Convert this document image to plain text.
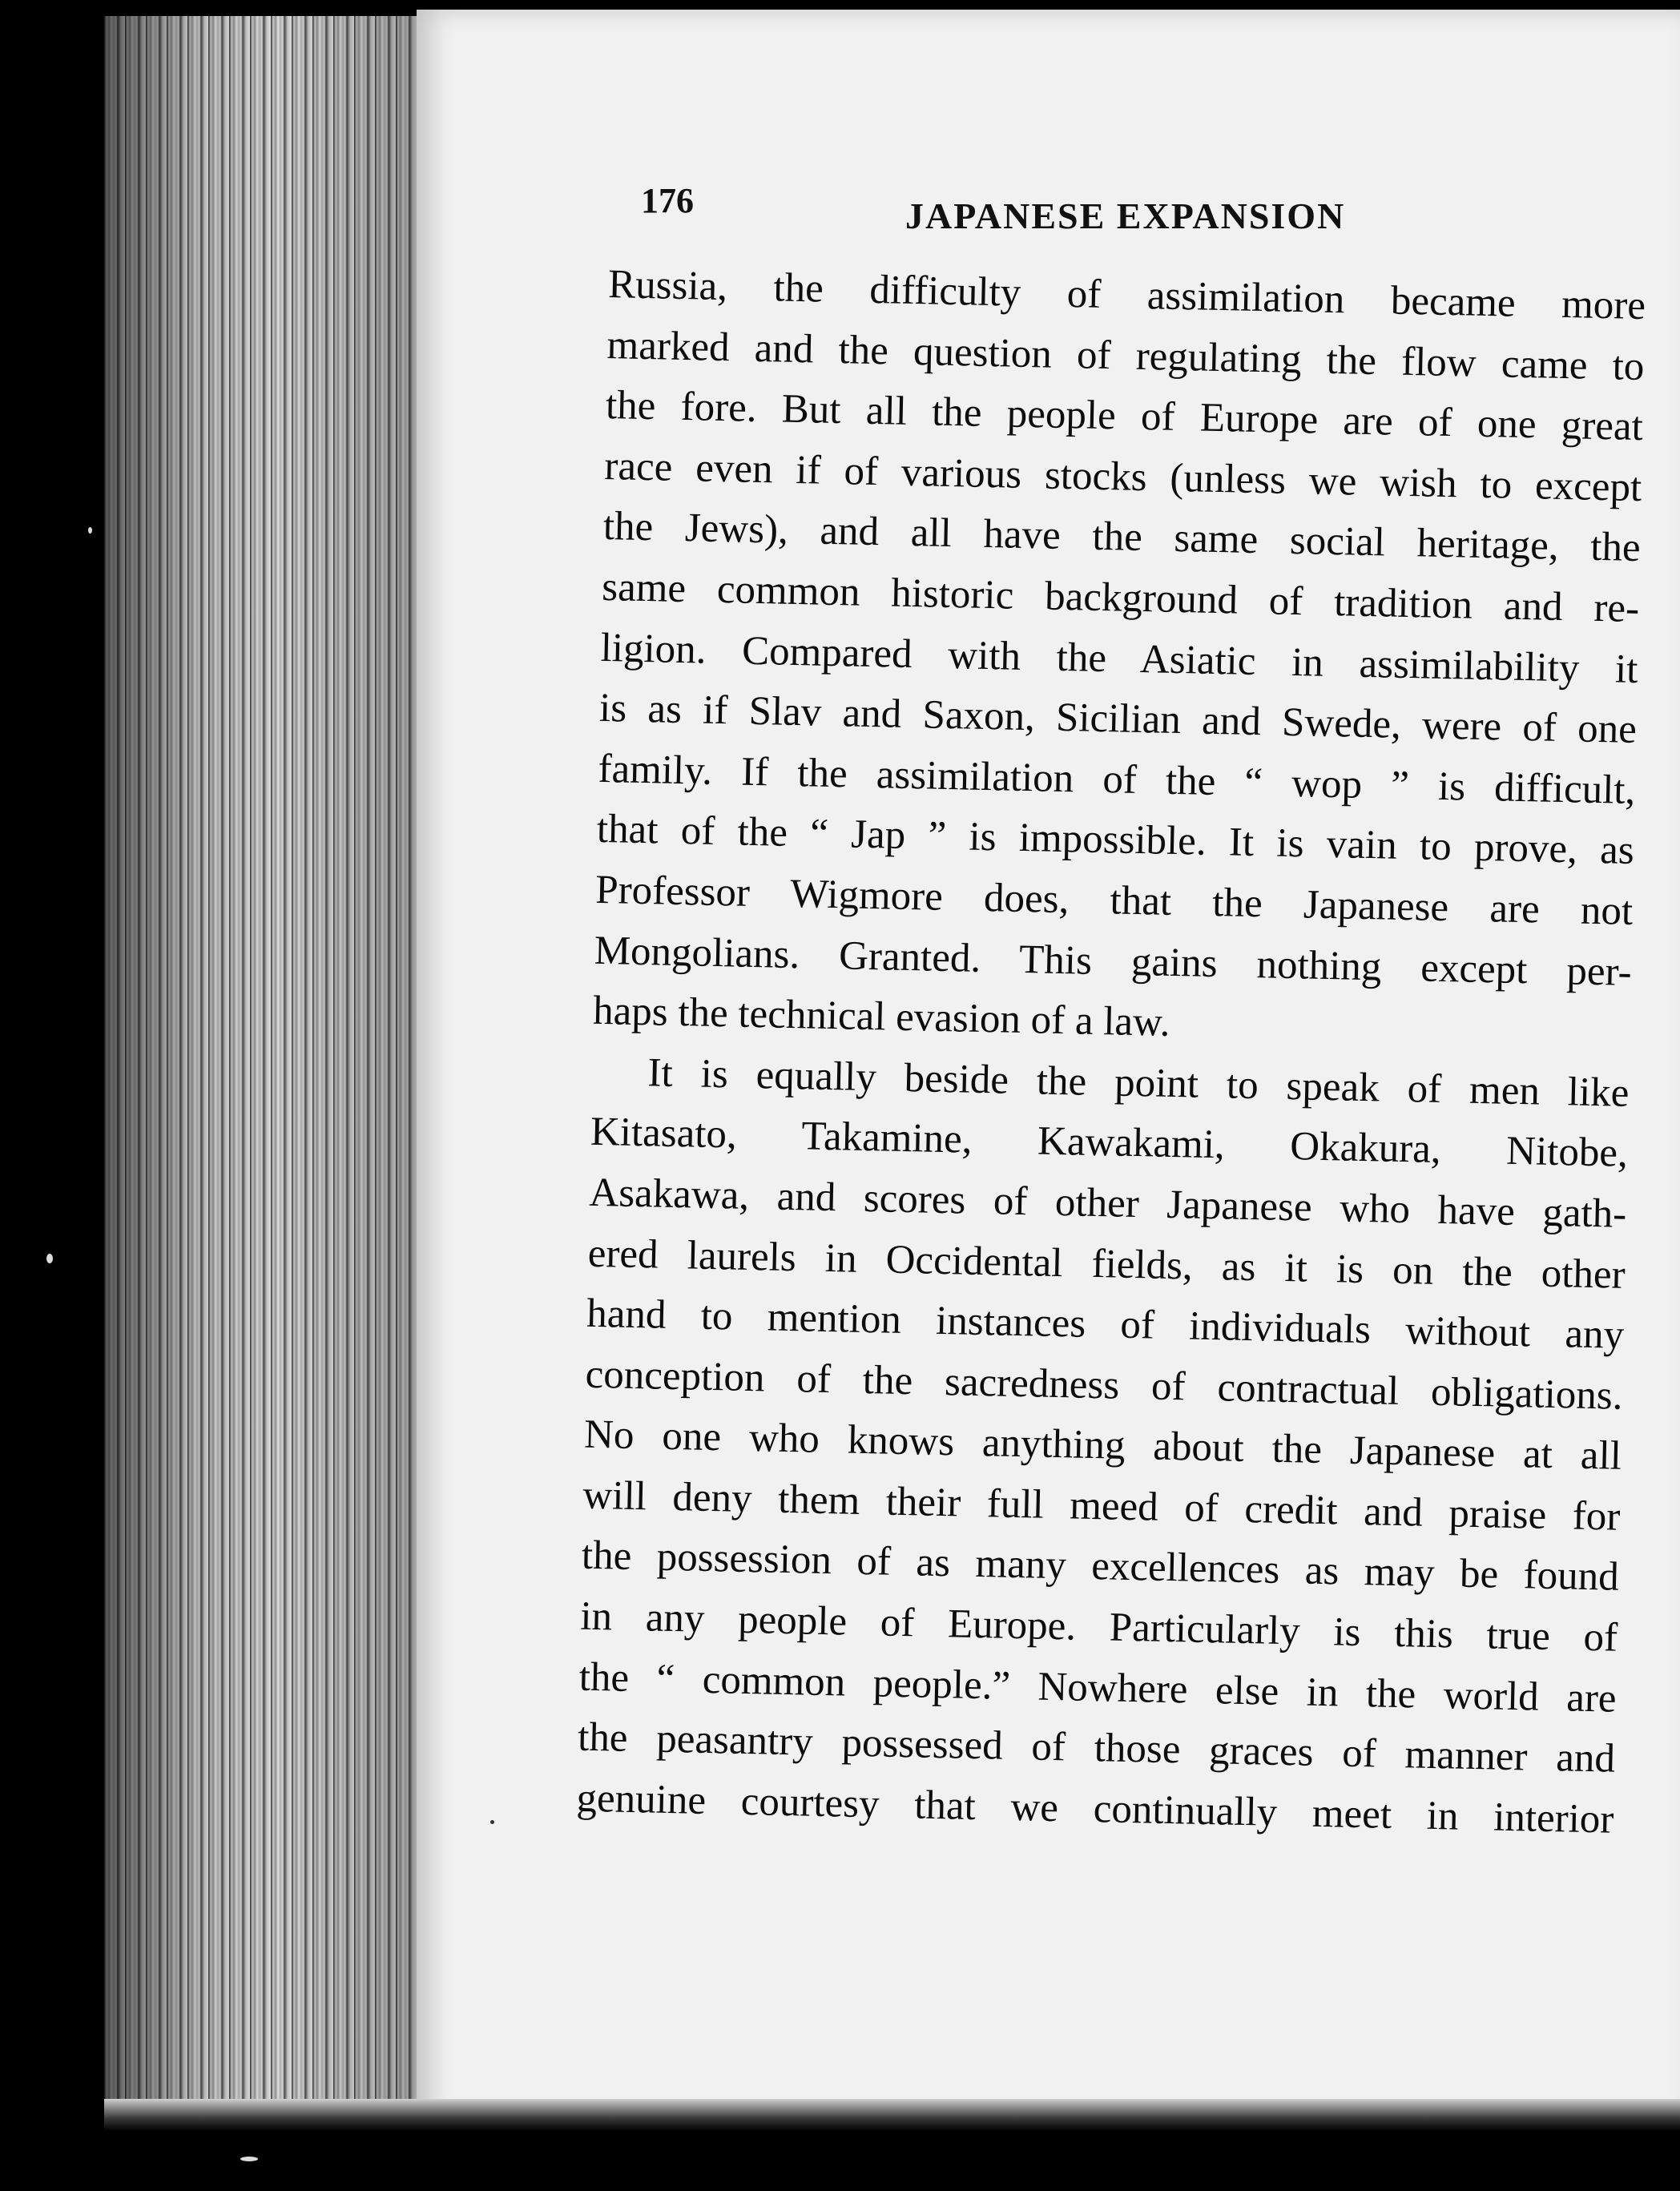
176	JAPANESE EXPANSION
Russia, the difficulty of assimilation became more
marked and the question of regulating the flow came to
the fore. But all the people of Europe are of one great
race even if of various stocks (unless we wish to except
the Jews), and all have the same social heritage, the
same common historic background of tradition and re-
ligion. Compared with the Asiatic in assimilability it
is as if Slav and Saxon, Sicilian and Swede, were of one
family. If the assimilation of the “ wop ” is difficult,
that of the “ Jap ” is impossible. It is vain to prove, as
Professor Wigmore does, that the Japanese are not
Mongolians. Granted. This gains nothing except per-
haps the technical evasion of a law.
It is equally beside the point to speak of men like
Kitasato, Takamine, Kawakami, Okakura, Nitobe,
Asakawa, and scores of other Japanese who have gath-
ered laurels in Occidental fields, as it is on the other
hand to mention instances of individuals without any
conception of the sacredness of contractual obligations.
No one who knows anything about the Japanese at all
will deny them their full meed of credit and praise for
the possession of as many excellences as may be found
in any people of Europe. Particularly is this true of
the “ common people.” Nowhere else in the world are
the peasantry possessed of those graces of manner and
genuine courtesy that we continually meet in interior
